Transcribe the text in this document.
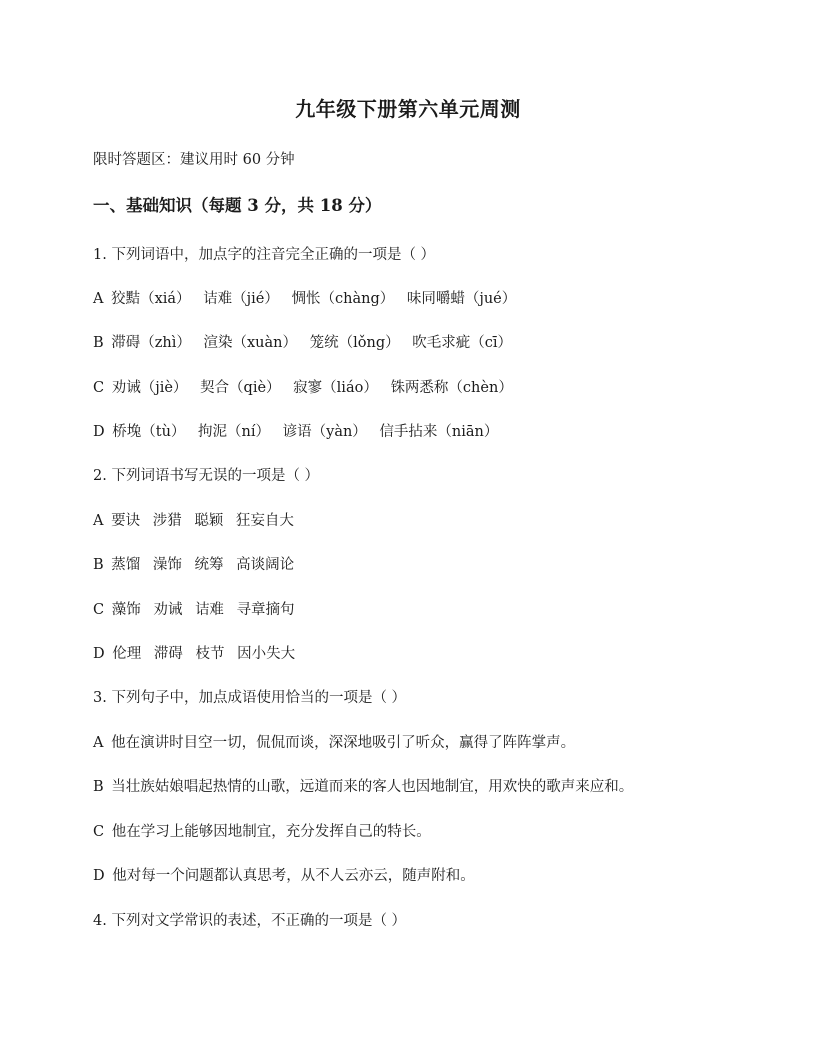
九年级下册第六单元周测
限时答题区：建议用时 60 分钟
一、基础知识（每题 3 分，共 18 分）
1. 下列词语中，加点字的注音完全正确的一项是（ ）
A 狡黠（xiá） 诘难（jié） 惆怅（chàng） 味同嚼蜡（jué）
B 滞碍（zhì） 渲染（xuàn） 笼统（lǒng） 吹毛求疵（cī）
C 劝诫（jiè） 契合（qiè） 寂寥（liáo） 铢两悉称（chèn）
D 桥堍（tù） 拘泥（ní） 谚语（yàn） 信手拈来（niān）
2. 下列词语书写无误的一项是（ ）
A 要诀 涉猎 聪颖 狂妄自大
B 蒸馏 澡饰 统筹 高谈阔论
C 藻饰 劝诫 诘难 寻章摘句
D 伦理 滞碍 枝节 因小失大
3. 下列句子中，加点成语使用恰当的一项是（ ）
A 他在演讲时目空一切，侃侃而谈，深深地吸引了听众，赢得了阵阵掌声。
B 当壮族姑娘唱起热情的山歌，远道而来的客人也因地制宜，用欢快的歌声来应和。
C 他在学习上能够因地制宜，充分发挥自己的特长。
D 他对每一个问题都认真思考，从不人云亦云，随声附和。
4. 下列对文学常识的表述，不正确的一项是（ ）
